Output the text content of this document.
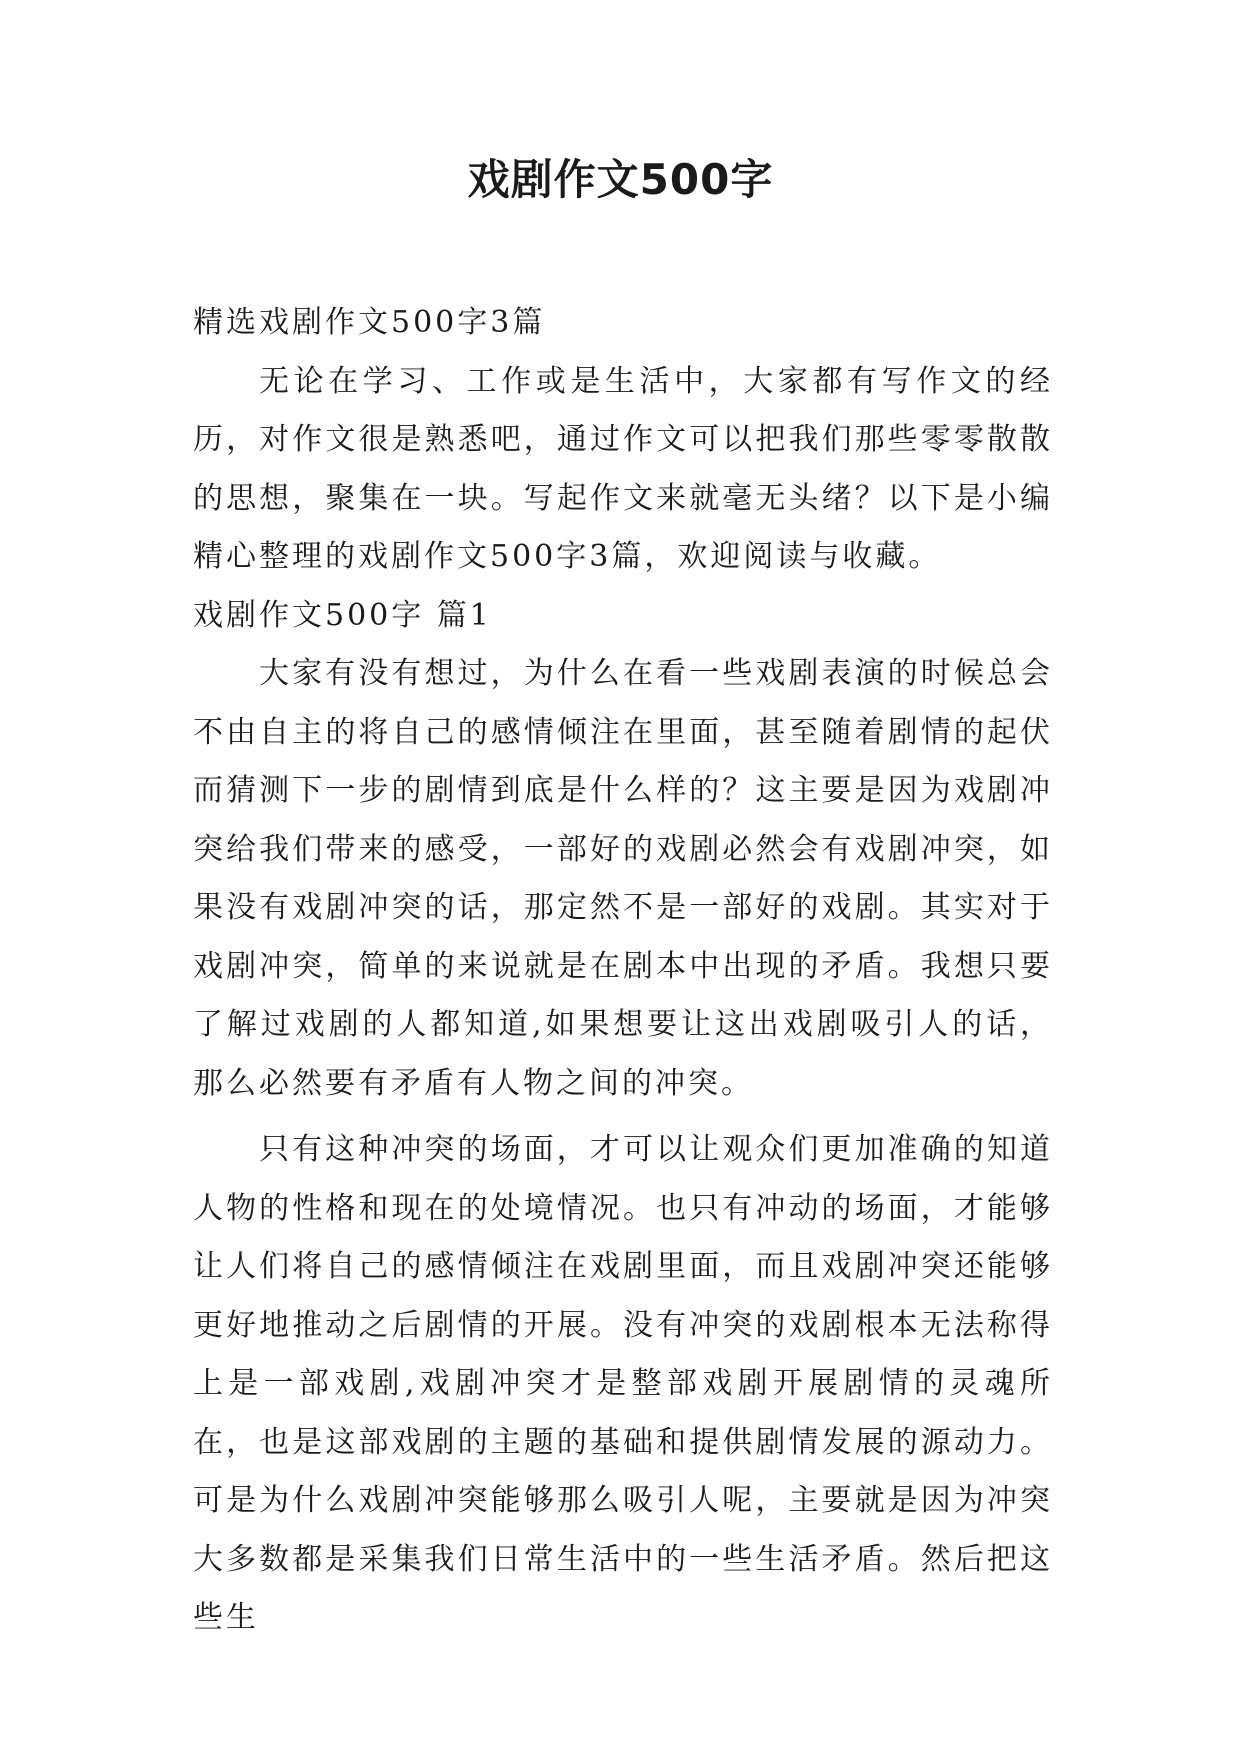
戏剧作文500字

精选戏剧作文500字3篇

无论在学习、工作或是生活中，大家都有写作文的经历，对作文很是熟悉吧，通过作文可以把我们那些零零散散的思想，聚集在一块。写起作文来就毫无头绪？以下是小编精心整理的戏剧作文500字3篇，欢迎阅读与收藏。

戏剧作文500字 篇1

大家有没有想过，为什么在看一些戏剧表演的时候总会不由自主的将自己的感情倾注在里面，甚至随着剧情的起伏而猜测下一步的剧情到底是什么样的？这主要是因为戏剧冲突给我们带来的感受，一部好的戏剧必然会有戏剧冲突，如果没有戏剧冲突的话，那定然不是一部好的戏剧。其实对于戏剧冲突，简单的来说就是在剧本中出现的矛盾。我想只要了解过戏剧的人都知道,如果想要让这出戏剧吸引人的话，那么必然要有矛盾有人物之间的冲突。

只有这种冲突的场面，才可以让观众们更加准确的知道人物的性格和现在的处境情况。也只有冲动的场面，才能够让人们将自己的感情倾注在戏剧里面，而且戏剧冲突还能够更好地推动之后剧情的开展。没有冲突的戏剧根本无法称得上是一部戏剧,戏剧冲突才是整部戏剧开展剧情的灵魂所在，也是这部戏剧的主题的基础和提供剧情发展的源动力。可是为什么戏剧冲突能够那么吸引人呢，主要就是因为冲突大多数都是采集我们日常生活中的一些生活矛盾。然后把这些生
